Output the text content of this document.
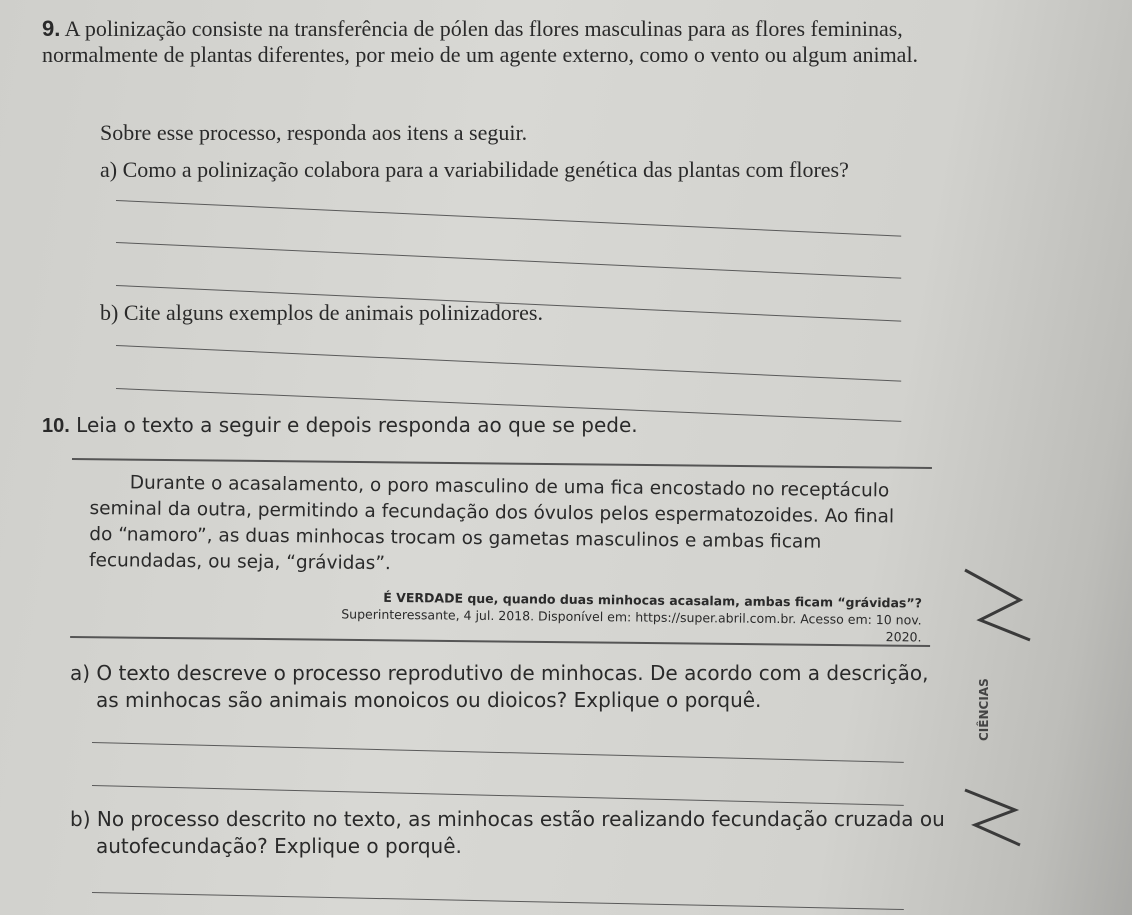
9. A polinização consiste na transferência de pólen das flores masculinas para as flores femininas, normalmente de plantas diferentes, por meio de um agente externo, como o vento ou algum animal.
Sobre esse processo, responda aos itens a seguir.
a) Como a polinização colabora para a variabilidade genética das plantas com flores?
b) Cite alguns exemplos de animais polinizadores.
10. Leia o texto a seguir e depois responda ao que se pede.
Durante o acasalamento, o poro masculino de uma fica encostado no receptáculo seminal da outra, permitindo a fecundação dos óvulos pelos espermatozoides. Ao final do “namoro”, as duas minhocas trocam os gametas masculinos e ambas ficam fecundadas, ou seja, “grávidas”.
É VERDADE que, quando duas minhocas acasalam, ambas ficam “grávidas”? Superinteressante, 4 jul. 2018. Disponível em: https://super.abril.com.br. Acesso em: 10 nov. 2020.
a) O texto descreve o processo reprodutivo de minhocas. De acordo com a descrição, as minhocas são animais monoicos ou dioicos? Explique o porquê.
b) No processo descrito no texto, as minhocas estão realizando fecundação cruzada ou autofecundação? Explique o porquê.
CIÊNCIAS
